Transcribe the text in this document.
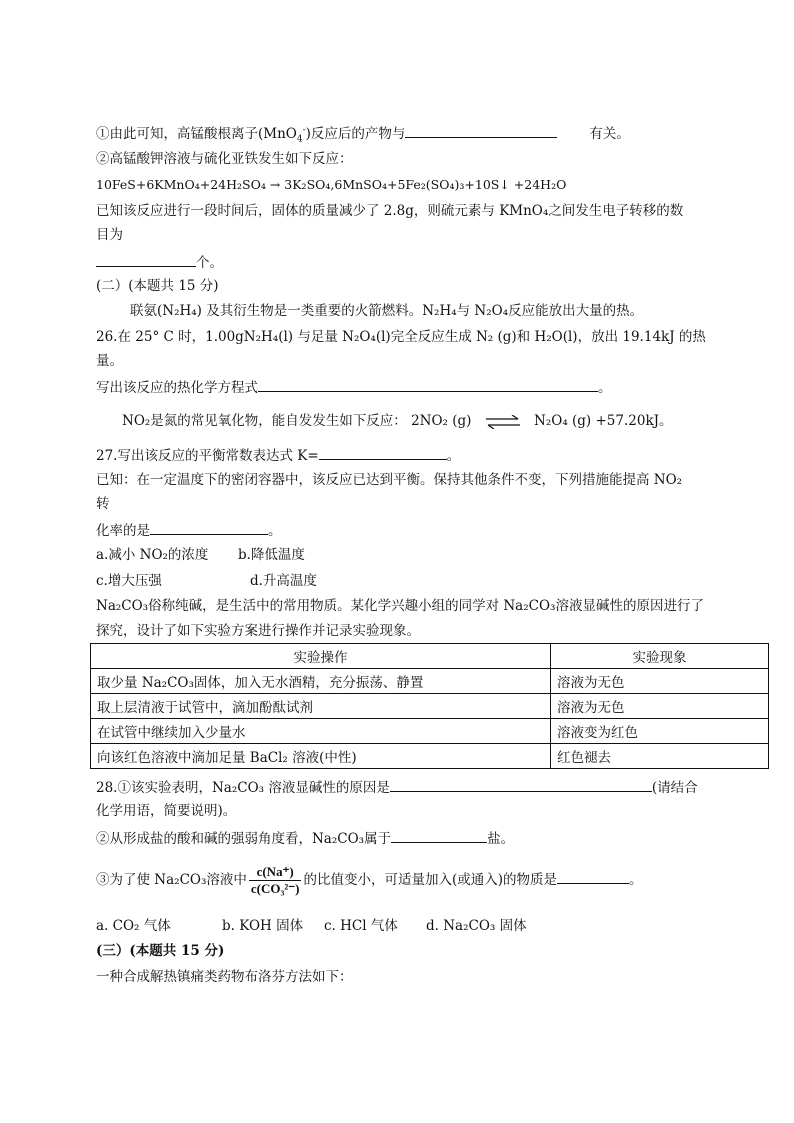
①由此可知，高锰酸根离子(MnO$_4$-)反应后的产物与	有关。
②高锰酸钾溶液与硫化亚铁发生如下反应：
10FeS+6KMnO₄+24H₂SO₄ → 3K₂SO₄,6MnSO₄+5Fe₂(SO₄)₃+10S↓ +24H₂O
已知该反应进行一段时间后，固体的质量减少了 2.8g，则硫元素与 KMnO₄之间发生电子转移的数
目为
个。
(二）(本题共 15 分)
联氨(N₂H₄) 及其衍生物是一类重要的火箭燃料。N₂H₄与 N₂O₄反应能放出大量的热。
26.在 25° C 时，1.00gN₂H₄(l) 与足量 N₂O₄(l)完全反应生成 N₂ (g)和 H₂O(l)，放出 19.14kJ 的热
量。
写出该反应的热化学方程式	。
NO₂是氮的常见氧化物，能自发发生如下反应： 2NO₂ (g) ⇌ N₂O₄ (g) +57.20kJ。
27.写出该反应的平衡常数表达式 K=	。
已知：在一定温度下的密闭容器中，该反应已达到平衡。保持其他条件不变，下列措施能提高 NO₂
转
化率的是	。
a.减小 NO₂的浓度 b.降低温度
c.增大压强	d.升高温度
Na₂CO₃俗称纯碱，是生活中的常用物质。某化学兴趣小组的同学对 Na₂CO₃溶液显碱性的原因进行了
探究，设计了如下实验方案进行操作并记录实验现象。
实验操作	实验现象
取少量 Na₂CO₃固体，加入无水酒精，充分振荡、静置	溶液为无色
取上层清液于试管中，滴加酚酞试剂	溶液为无色
在试管中继续加入少量水	溶液变为红色
向该红色溶液中滴加足量 BaCl₂ 溶液(中性)	红色褪去
28.①该实验表明，Na₂CO₃ 溶液显碱性的原因是	(请结合
化学用语，简要说明)。
②从形成盐的酸和碱的强弱角度看，Na₂CO₃属于	盐。
③为了使 Na₂CO₃溶液中 $\frac{c(Na^+)}{\text{c(CO₃²⁻)}}$ 的比值变小，可适量加入(或通入)的物质是	。
a. CO₂ 气体	b. KOH 固体 c. HCl 气体 d. Na₂CO₃ 固体
(三）(本题共 15 分)
一种合成解热镇痛类药物布洛芬方法如下：
